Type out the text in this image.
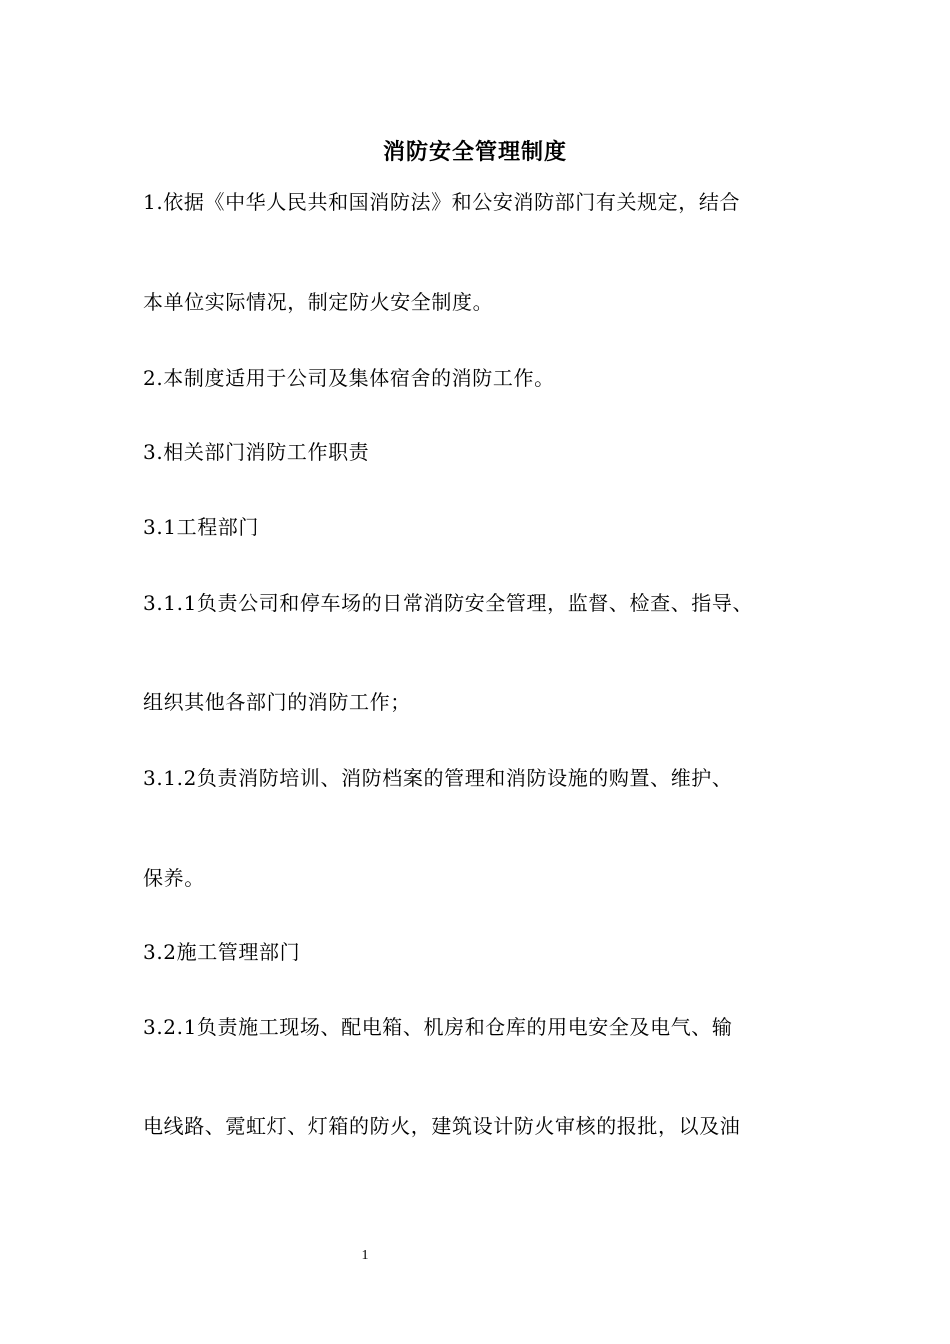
消防安全管理制度
1.依据《中华人民共和国消防法》和公安消防部门有关规定，结合
本单位实际情况，制定防火安全制度。
2.本制度适用于公司及集体宿舍的消防工作。
3.相关部门消防工作职责
3.1工程部门
3.1.1负责公司和停车场的日常消防安全管理，监督、检查、指导、
组织其他各部门的消防工作；
3.1.2负责消防培训、消防档案的管理和消防设施的购置、维护、
保养。
3.2施工管理部门
3.2.1负责施工现场、配电箱、机房和仓库的用电安全及电气、输
电线路、霓虹灯、灯箱的防火，建筑设计防火审核的报批，以及油
1
